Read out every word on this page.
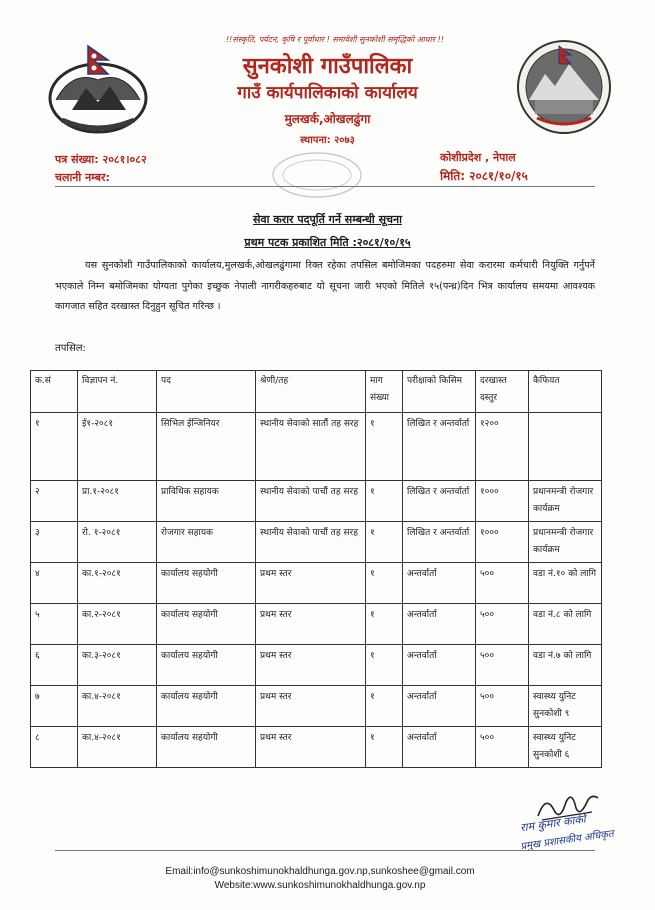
!!संस्कृति, पर्यटन, कृषि र पूर्वाधार ! समावेशी सुनकोशी समृद्धिको आधार !!
सुनकोशी गाउँपालिका
गाउँ कार्यपालिकाको कार्यालय
मुलखर्क,ओखलढुंगा
स्थापना: २०७३
पत्र संख्या: २०८१।०८२
चलानी नम्बर:
कोशीप्रदेश , नेपाल
मिति: २०८१/१०/१५
सेवा करार पदपूर्ति गर्ने सम्बन्धी सूचना
प्रथम पटक प्रकाशित मिति :२०८१/१०/१५
यस सुनकोशी गाउँपालिकाको कार्यालय,मुलखर्क,ओखलढुंगामा रिक्त रहेका तपसिल बमोजिमका पदहरुमा सेवा करारमा कर्मचारी नियुक्ति गर्नुपर्ने भएकाले निम्न बमोजिमका योग्यता पुगेका इच्छुक नेपाली नागरीकहरुबाट यो सूचना जारी भएको मितिले १५(पन्ध्र)दिन भित्र कार्यालय समयमा आवश्यक कागजात सहित दरखास्त दिनुहुन सूचित गरिन्छ ।
तपसिल:
क.सं	विज्ञापन नं.	पद	श्रेणी/तह	माग संख्या	परीक्षाको किसिम	दरखास्त दस्तुर	कैफियत
१	ई१-२०८१	सिभिल ईन्जिनियर	स्थानीय सेवाको सातौं तह सरह	१	लिखित र अन्तर्वार्ता	१२००	
२	प्रा.१-२०८१	प्राविधिक सहायक	स्थानीय सेवाको पाचौं तह सरह	१	लिखित र अन्तर्वार्ता	१०००	प्रधानमन्त्री रोजगार कार्यक्रम
३	रो. १-२०८१	रोजगार सहायक	स्थानीय सेवाको पाचौं तह सरह	१	लिखित र अन्तर्वार्ता	१०००	प्रधानमन्त्री रोजगार कार्यक्रम
४	का.१-२०८१	कार्यालय सहयोगी	प्रथम स्तर	१	अन्तर्वार्ता	५००	वडा नं.१० को लागि
५	का.२-२०८१	कार्यालय सहयोगी	प्रथम स्तर	१	अन्तर्वार्ता	५००	वडा नं.८ को लागि
६	का.३-२०८१	कार्यालय सहयोगी	प्रथम स्तर	१	अन्तर्वार्ता	५००	वडा नं.७ को लागि
७	का.४-२०८१	कार्यालय सहयोगी	प्रथम स्तर	१	अन्तर्वार्ता	५००	स्वास्थ्य युनिट सुनकोशी ९
८	का.४-२०८१	कार्यालय सहयोगी	प्रथम स्तर	१	अन्तर्वार्ता	५००	स्वास्थ्य युनिट सुनकोशी ६
राम कुमार कार्की
प्रमुख प्रशासकीय अधिकृत
Email:info@sunkoshimunokhaldhunga.gov.np,sunkoshee@gmail.com
Website:www.sunkoshimunokhaldhunga.gov.np
